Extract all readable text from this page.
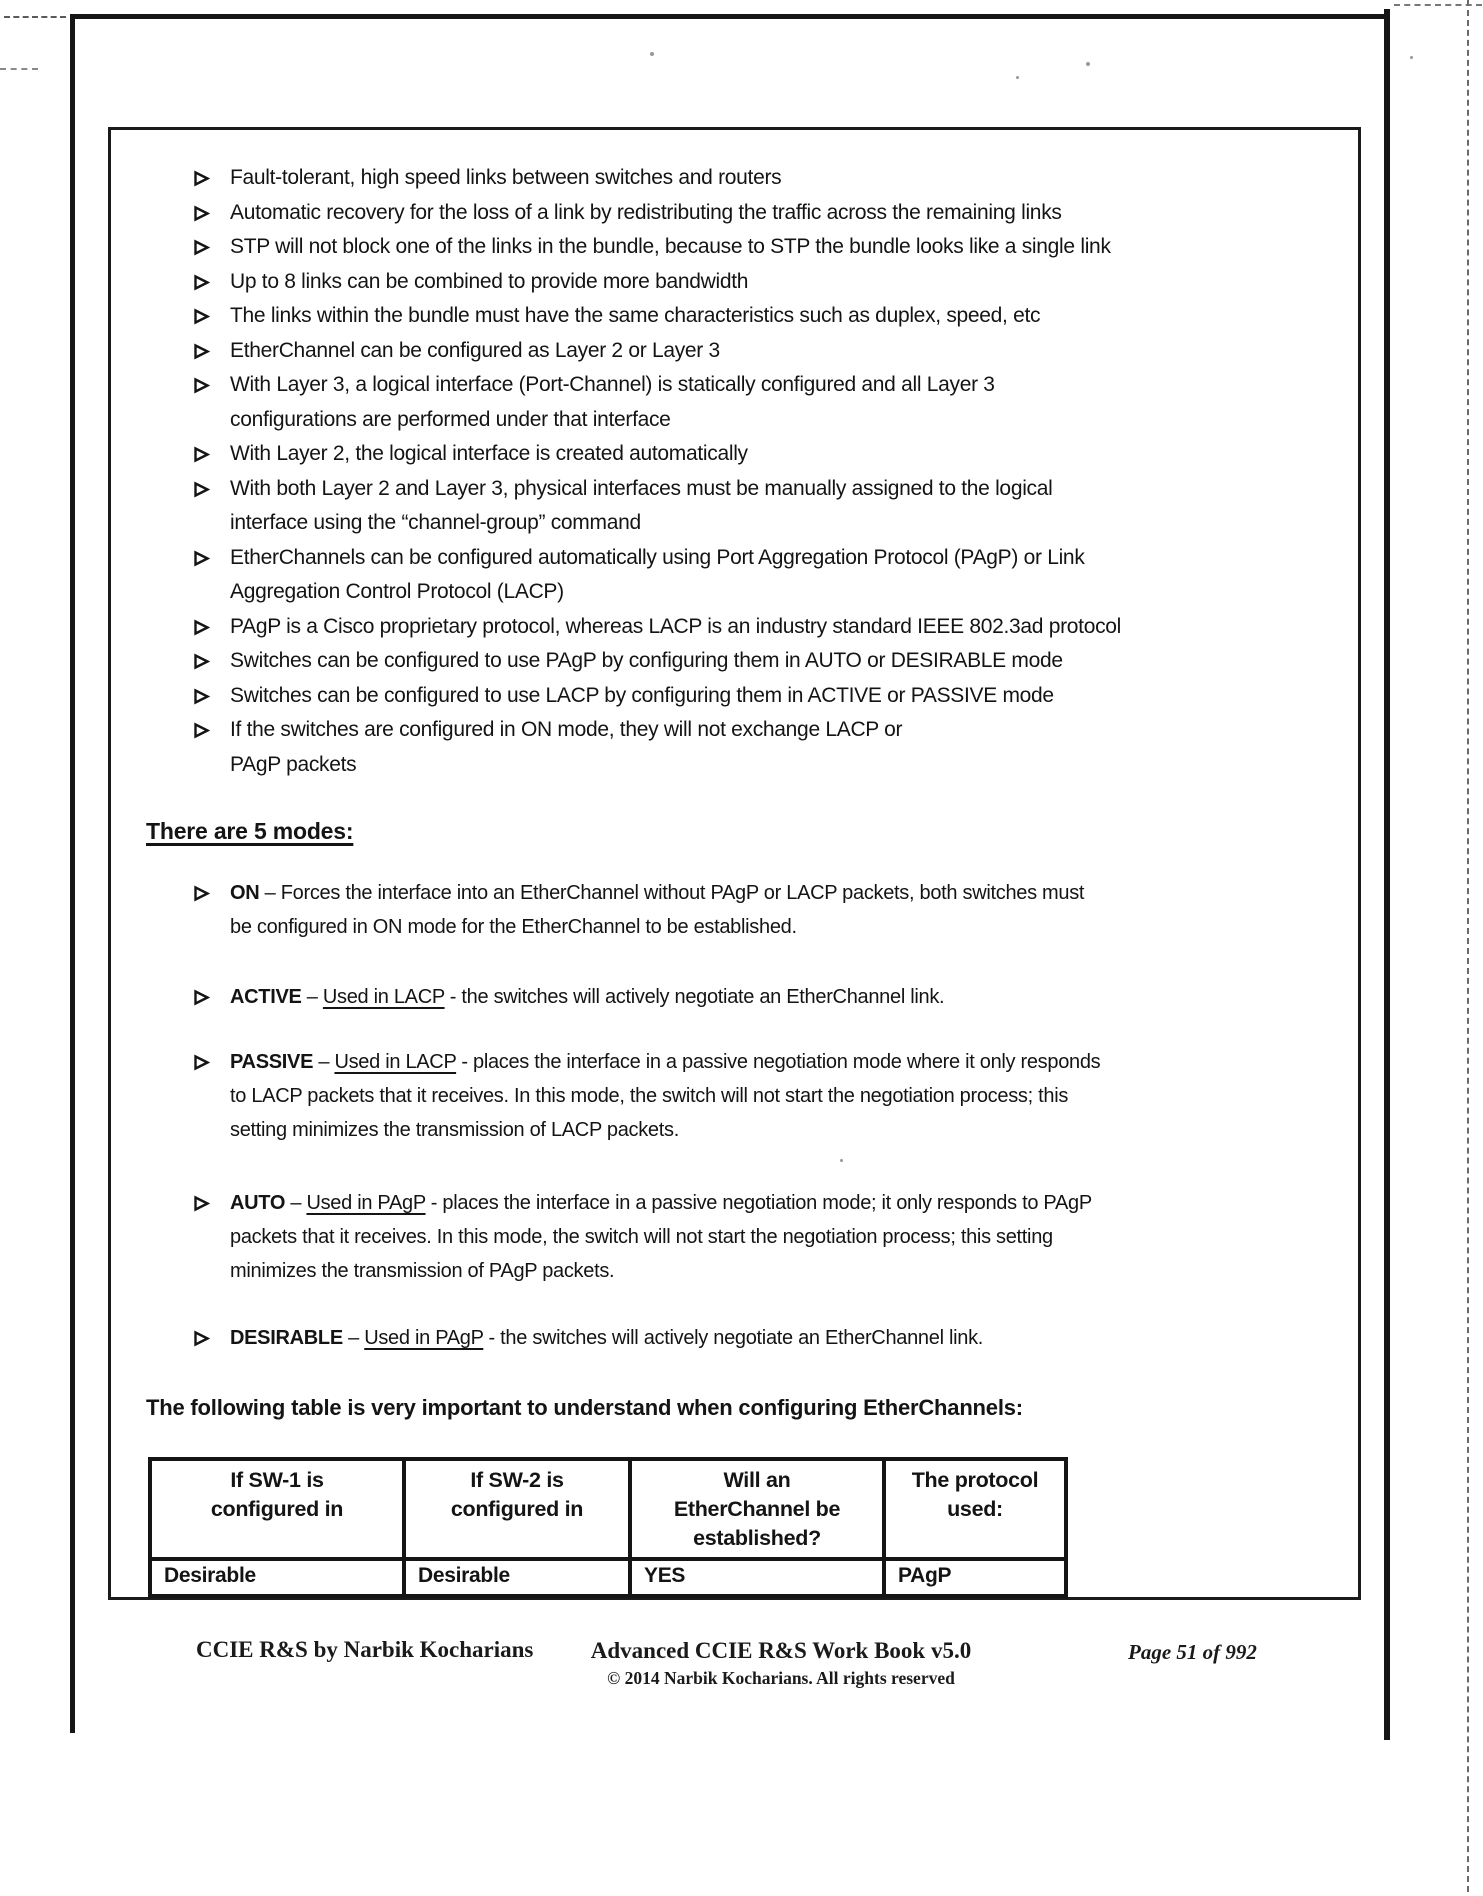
Fault-tolerant, high speed links between switches and routers
Automatic recovery for the loss of a link by redistributing the traffic across the remaining links
STP will not block one of the links in the bundle, because to STP the bundle looks like a single link
Up to 8 links can be combined to provide more bandwidth
The links within the bundle must have the same characteristics such as duplex, speed, etc
EtherChannel can be configured as Layer 2 or Layer 3
With Layer 3, a logical interface (Port-Channel) is statically configured and all Layer 3
configurations are performed under that interface
With Layer 2, the logical interface is created automatically
With both Layer 2 and Layer 3, physical interfaces must be manually assigned to the logical
interface using the “channel-group” command
EtherChannels can be configured automatically using Port Aggregation Protocol (PAgP) or Link
Aggregation Control Protocol (LACP)
PAgP is a Cisco proprietary protocol, whereas LACP is an industry standard IEEE 802.3ad protocol
Switches can be configured to use PAgP by configuring them in AUTO or DESIRABLE mode
Switches can be configured to use LACP by configuring them in ACTIVE or PASSIVE mode
If the switches are configured in ON mode, they will not exchange LACP or
PAgP packets
There are 5 modes:
ON – Forces the interface into an EtherChannel without PAgP or LACP packets, both switches must
be configured in ON mode for the EtherChannel to be established.
ACTIVE – Used in LACP - the switches will actively negotiate an EtherChannel link.
PASSIVE – Used in LACP - places the interface in a passive negotiation mode where it only responds
to LACP packets that it receives. In this mode, the switch will not start the negotiation process; this
setting minimizes the transmission of LACP packets.
AUTO – Used in PAgP - places the interface in a passive negotiation mode; it only responds to PAgP
packets that it receives. In this mode, the switch will not start the negotiation process; this setting
minimizes the transmission of PAgP packets.
DESIRABLE – Used in PAgP - the switches will actively negotiate an EtherChannel link.
The following table is very important to understand when configuring EtherChannels:
If SW-1 is
configured in	If SW-2 is
configured in	Will an
EtherChannel be
established?	The protocol
used:

Desirable	Desirable	YES	PAgP
CCIE R&S by Narbik Kocharians Advanced CCIE R&S Work Book v5.0
© 2014 Narbik Kocharians. All rights reserved
Page 51 of 992
